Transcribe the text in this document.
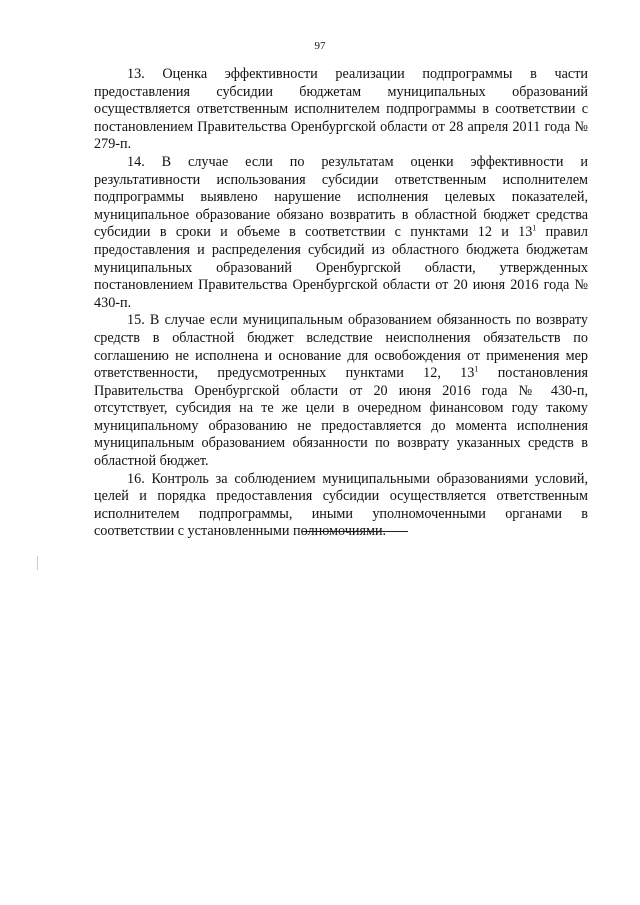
97

13. Оценка эффективности реализации подпрограммы в части предоставления субсидии бюджетам муниципальных образований осуществляется ответственным исполнителем подпрограммы в соответствии с постановлением Правительства Оренбургской области от 28 апреля 2011 года № 279-п.

14. В случае если по результатам оценки эффективности и результативности использования субсидии ответственным исполнителем подпрограммы выявлено нарушение исполнения целевых показателей, муниципальное образование обязано возвратить в областной бюджет средства субсидии в сроки и объеме в соответствии с пунктами 12 и $13^1$ правил предоставления и распределения субсидий из областного бюджета бюджетам муниципальных образований Оренбургской области, утвержденных постановлением Правительства Оренбургской области от 20 июня 2016 года № 430-п.

15. В случае если муниципальным образованием обязанность по возврату средств в областной бюджет вследствие неисполнения обязательств по соглашению не исполнена и основание для освобождения от применения мер ответственности, предусмотренных пунктами 12, $13^1$ постановления Правительства Оренбургской области от 20 июня 2016 года № 430-п, отсутствует, субсидия на те же цели в очередном финансовом году такому муниципальному образованию не предоставляется до момента исполнения муниципальным образованием обязанности по возврату указанных средств в областной бюджет.

16. Контроль за соблюдением муниципальными образованиями условий, целей и порядка предоставления субсидии осуществляется ответственным исполнителем подпрограммы, иными уполномоченными органами в соответствии с установленными полномочиями.
